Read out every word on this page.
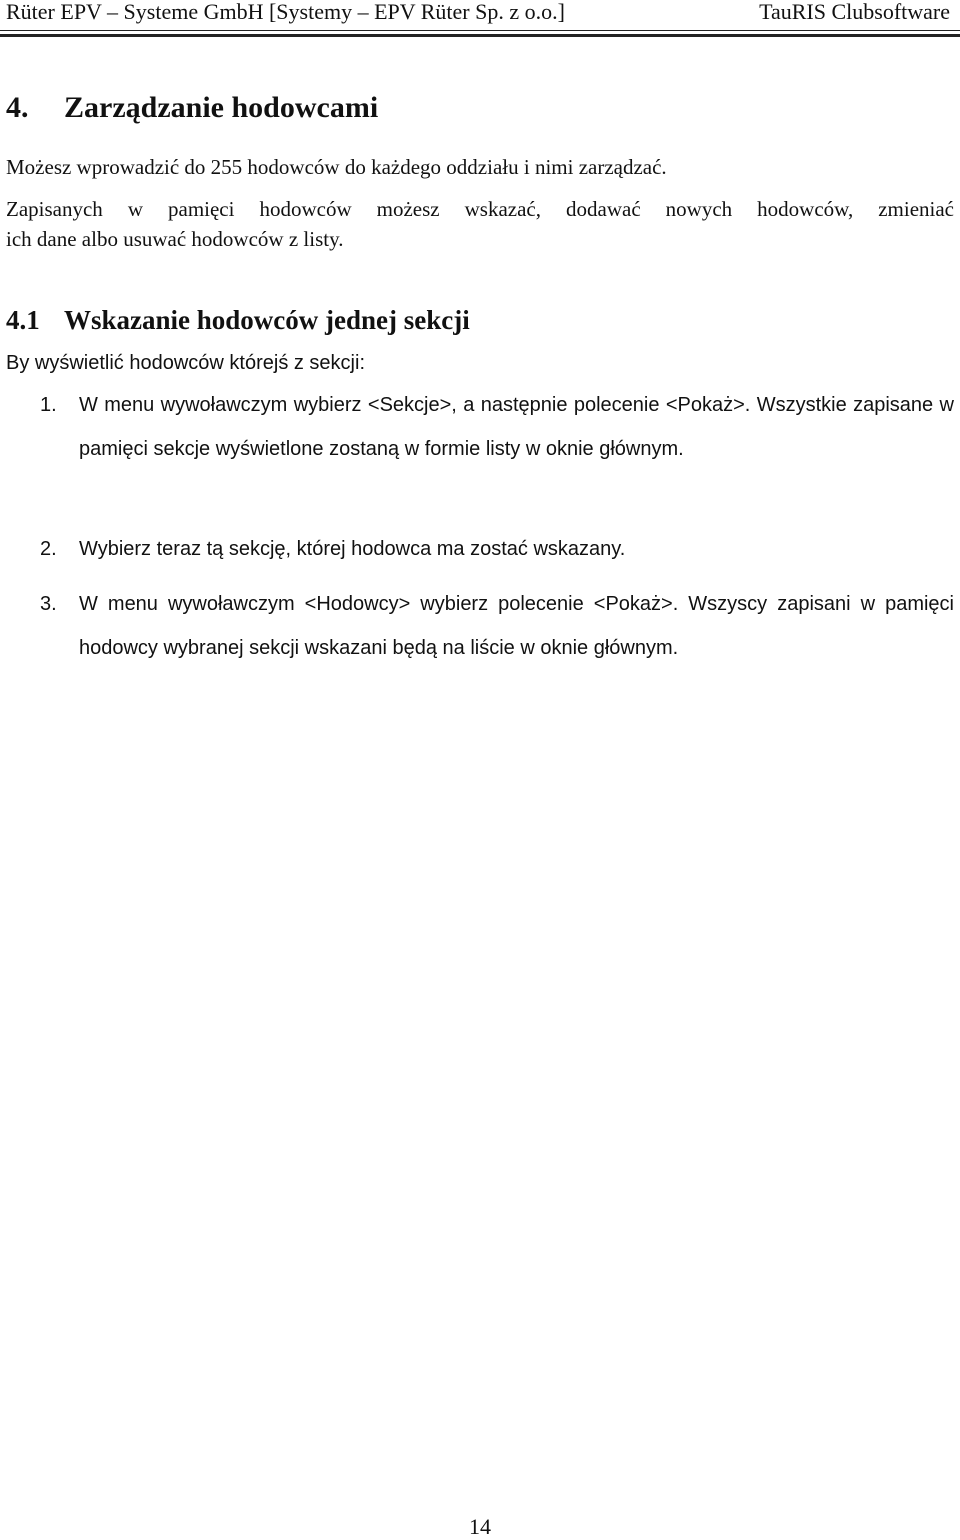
Rüter EPV – Systeme GmbH [Systemy – EPV Rüter Sp. z o.o.]	TauRIS Clubsoftware
4. Zarządzanie hodowcami

Możesz wprowadzić do 255 hodowców do każdego oddziału i nimi zarządzać.

Zapisanych w pamięci hodowców możesz wskazać, dodawać nowych hodowców, zmieniać

ich dane albo usuwać hodowców z listy.

4.1 Wskazanie hodowców jednej sekcji

By wyświetlić hodowców którejś z sekcji:

1. W menu wywoławczym wybierz <Sekcje>, a następnie polecenie <Pokaż>. Wszystkie zapisane w pamięci sekcje wyświetlone zostaną w formie listy w oknie głównym.
2. Wybierz teraz tą sekcję, której hodowca ma zostać wskazany.
3. W menu wywoławczym <Hodowcy> wybierz polecenie <Pokaż>. Wszyscy zapisani w pamięci hodowcy wybranej sekcji wskazani będą na liście w oknie głównym.
14
